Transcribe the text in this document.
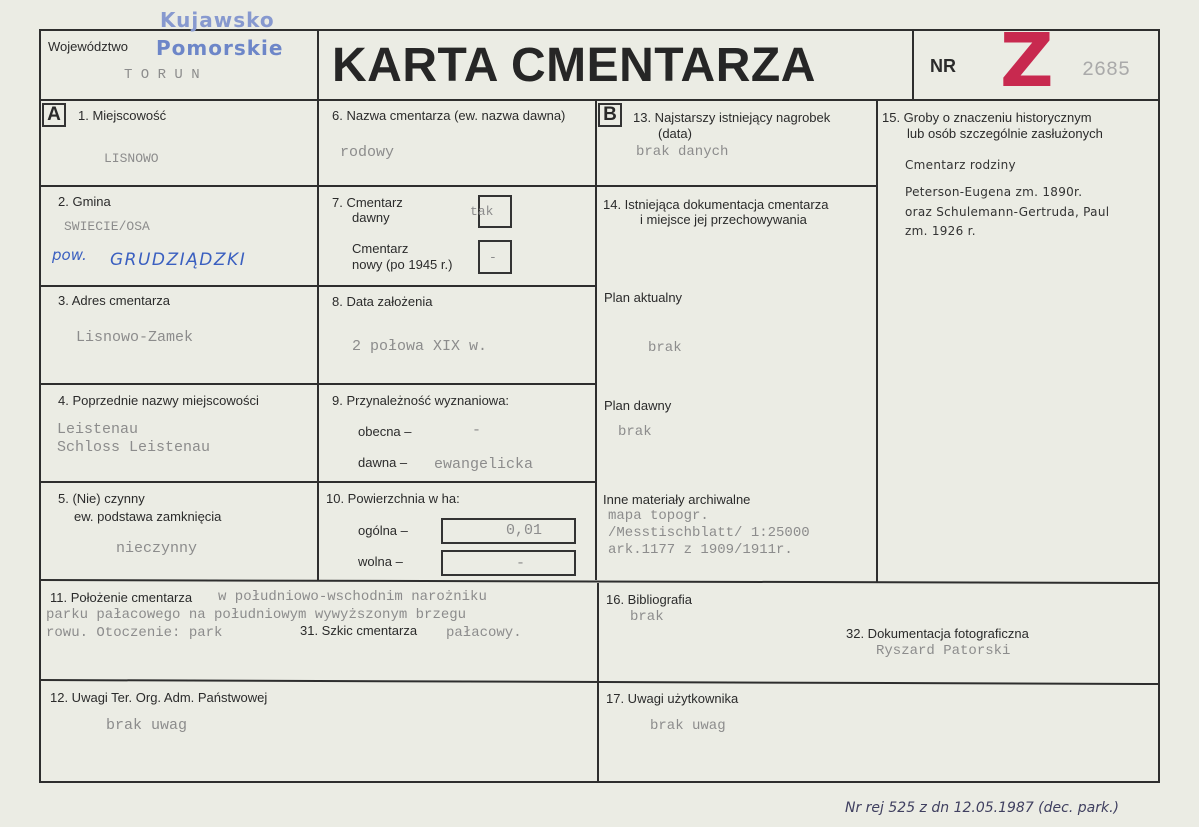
Województwo
Kujawsko
Pomorskie
T O R U N	KARTA CMENTARZA	NR Z 2685
A	B
1. Miejscowość
LISNOWO
2. Gmina
SWIECIE/OSA
pow. GRUDZIĄDZKI
3. Adres cmentarza
Lisnowo-Zamek
4. Poprzednie nazwy miejscowości
Leistenau
Schloss Leistenau
5. (Nie) czynny
ew. podstawa zamknięcia
nieczynny
6. Nazwa cmentarza (ew. nazwa dawna)
rodowy
7. Cmentarz
dawny	tak
Cmentarz
nowy (po 1945 r.)	-
8. Data założenia
2 połowa XIX w.
9. Przynależność wyznaniowa:
obecna –	-
dawna – ewangelicka
10. Powierzchnia w ha:
ogólna –	0,01
wolna –	-
11. Położenie cmentarza w południowo-wschodnim narożniku
parku pałacowego na południowym wywyższonym brzegu
rowu. Otoczenie: park	31. Szkic cmentarza pałacowy.
12. Uwagi Ter. Org. Adm. Państwowej
brak uwag
13. Najstarszy istniejący nagrobek
(data)
brak danych
14. Istniejąca dokumentacja cmentarza
i miejsce jej przechowywania
Plan aktualny
brak
Plan dawny
brak
Inne materiały archiwalne
mapa topogr.
/Messtischblatt/ 1:25000
ark.1177 z 1909/1911r.
15. Groby o znaczeniu historycznym
lub osób szczególnie zasłużonych
Cmentarz rodziny
Peterson-Eugena zm. 1890r.
oraz Schulemann-Gertruda, Paul
zm. 1926 r.
16. Bibliografia
brak
32. Dokumentacja fotograficzna
Ryszard Patorski
17. Uwagi użytkownika
brak uwag
Nr rej 525 z dn 12.05.1987 (dec. park.)
